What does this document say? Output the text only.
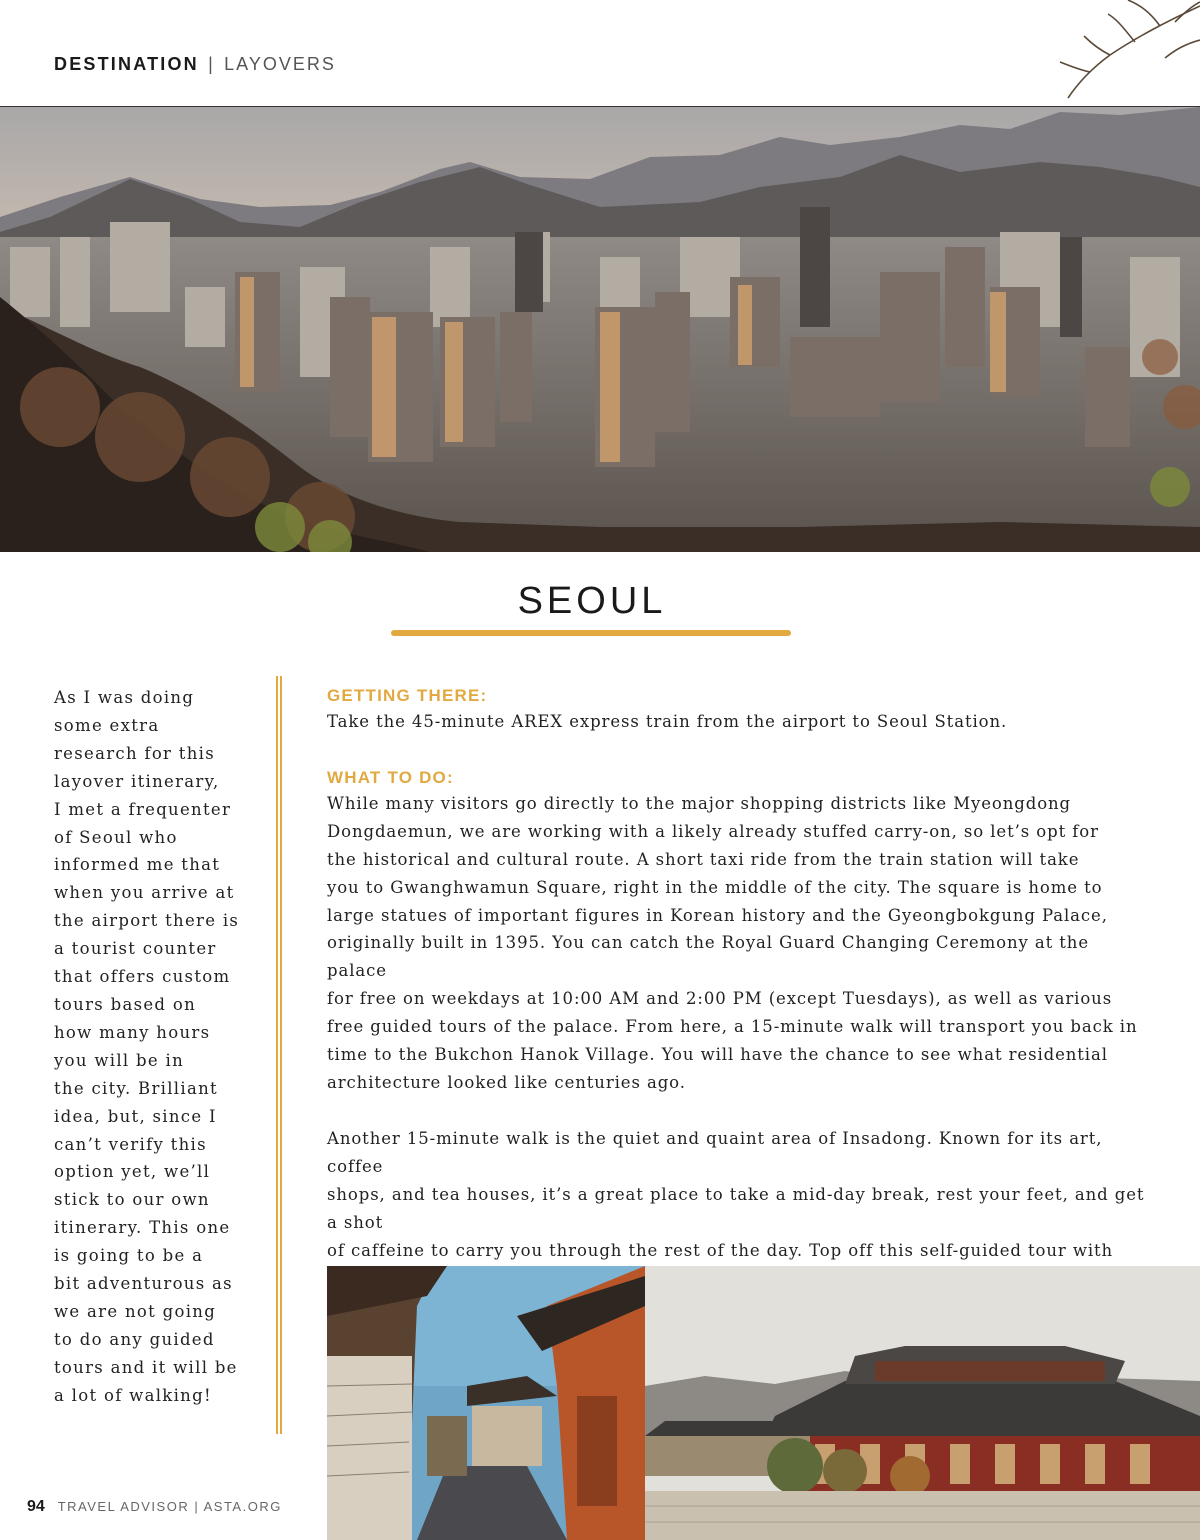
DESTINATION | LAYOVERS
SEOUL
As I was doing
some extra
research for this
layover itinerary,
I met a frequenter
of Seoul who
informed me that
when you arrive at
the airport there is
a tourist counter
that offers custom
tours based on
how many hours
you will be in
the city. Brilliant
idea, but, since I
can’t verify this
option yet, we’ll
stick to our own
itinerary. This one
is going to be a
bit adventurous as
we are not going
to do any guided
tours and it will be
a lot of walking!
GETTING THERE:

Take the 45-minute AREX express train from the airport to Seoul Station.

WHAT TO DO:

While many visitors go directly to the major shopping districts like Myeongdong

Dongdaemun, we are working with a likely already stuffed carry-on, so let’s opt for

the historical and cultural route. A short taxi ride from the train station will take

you to Gwanghwamun Square, right in the middle of the city. The square is home to

large statues of important figures in Korean history and the Gyeongbokgung Palace,

originally built in 1395. You can catch the Royal Guard Changing Ceremony at the palace

for free on weekdays at 10:00 AM and 2:00 PM (except Tuesdays), as well as various

free guided tours of the palace. From here, a 15-minute walk will transport you back in

time to the Bukchon Hanok Village. You will have the chance to see what residential

architecture looked like centuries ago.

Another 15-minute walk is the quiet and quaint area of Insadong. Known for its art, coffee

shops, and tea houses, it’s a great place to take a mid-day break, rest your feet, and get a shot

of caffeine to carry you through the rest of the day. Top off this self-guided tour with

94 TRAVEL ADVISOR | ASTA.ORG
